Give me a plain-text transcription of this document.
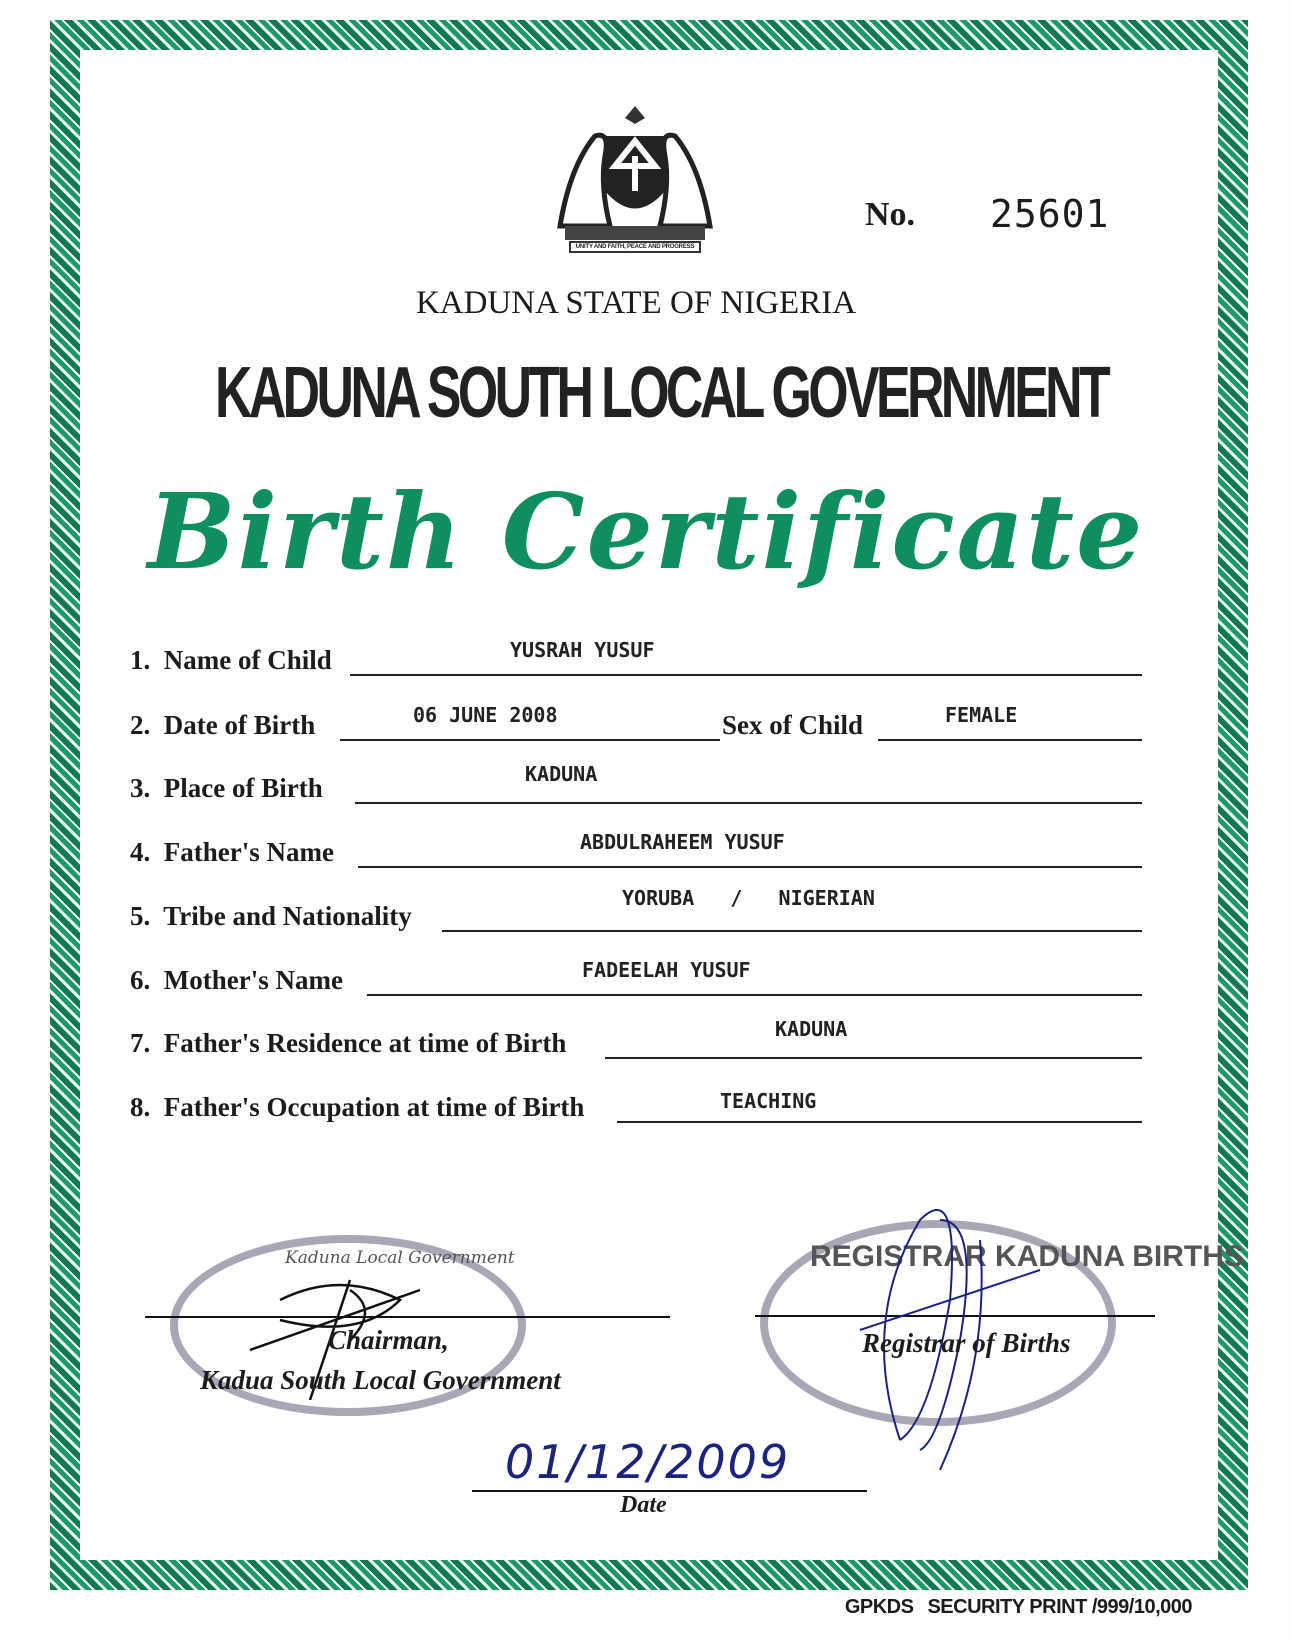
UNITY AND FAITH, PEACE AND PROGRESS
No. 25601
KADUNA STATE OF NIGERIA
KADUNA SOUTH LOCAL GOVERNMENT
Birth Certificate
1. Name of Child	YUSRAH YUSUF
2. Date of Birth	06 JUNE 2008	Sex of Child	FEMALE
3. Place of Birth	KADUNA
4. Father's Name	ABDULRAHEEM YUSUF
5. Tribe and Nationality
YORUBA   /   NIGERIAN
6. Mother's Name	FADEELAH YUSUF
7. Father's Residence at time of Birth	KADUNA
8. Father's Occupation at time of Birth	TEACHING
Kaduna Local Government
Chairman,
Kadua South Local Government
REGISTRAR KADUNA BIRTHS
Registrar of Births
01/12/2009
Date
GPKDS SECURITY PRINT /999/10,000
